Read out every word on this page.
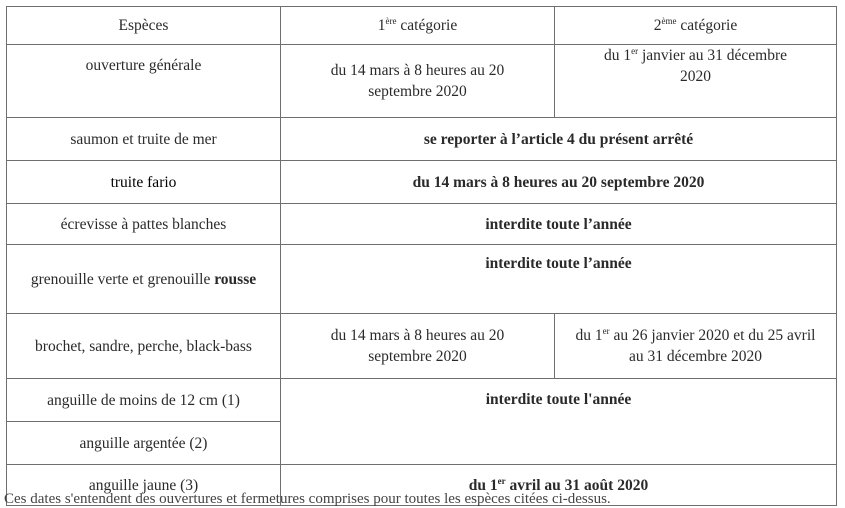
Espèces	1ère catégorie	2ème catégorie
ouverture générale	du 14 mars à 8 heures au 20 septembre 2020	du 1er janvier au 31 décembre 2020
saumon et truite de mer	se reporter à l’article 4 du présent arrêté	
truite fario	du 14 mars à 8 heures au 20 septembre 2020	
écrevisse à pattes blanches	interdite toute l’année	
grenouille verte et grenouille rousse	interdite toute l’année	
brochet, sandre, perche, black-bass	du 14 mars à 8 heures au 20 septembre 2020	du 1er au 26 janvier 2020 et du 25 avril au 31 décembre 2020
anguille de moins de 12 cm (1)	interdite toute l'année	
anguille argentée (2)		
anguille jaune (3)	du 1er avril au 31 août 2020	
Ces dates s'entendent des ouvertures et fermetures comprises pour toutes les espèces citées ci-dessus.
